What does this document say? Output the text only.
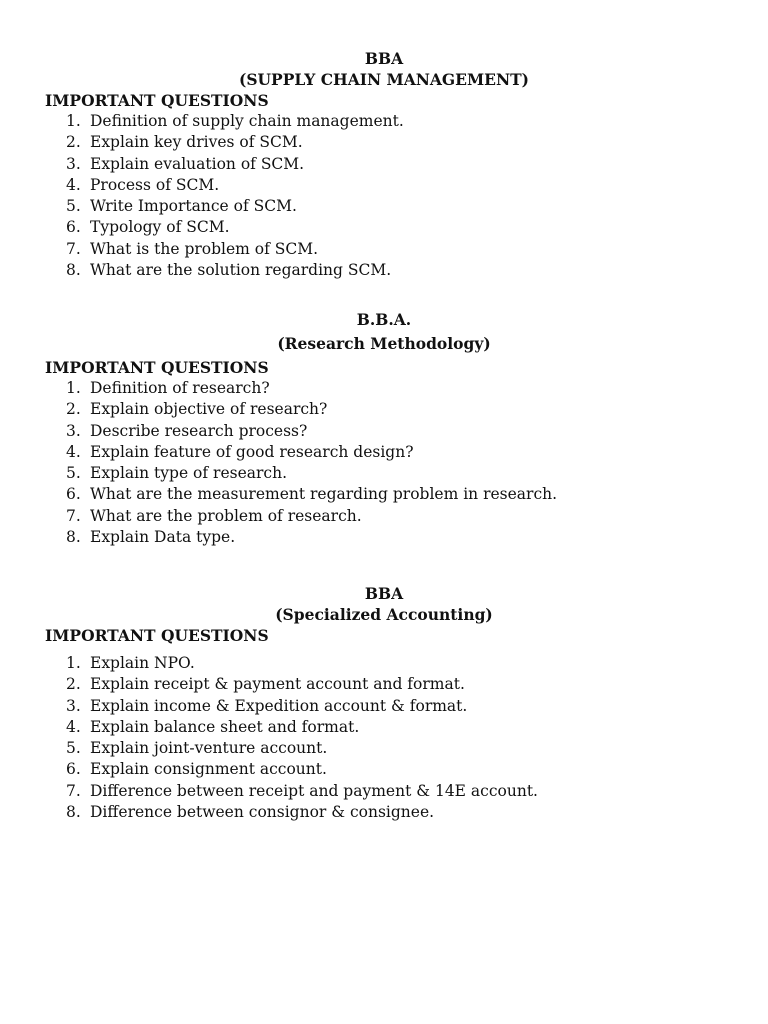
BBA

(SUPPLY CHAIN MANAGEMENT)

IMPORTANT QUESTIONS

1. Definition of supply chain management.
2. Explain key drives of SCM.
3. Explain evaluation of SCM.
4. Process of SCM.
5. Write Importance of SCM.
6. Typology of SCM.
7. What is the problem of SCM.
8. What are the solution regarding SCM.

B.B.A.

(Research Methodology)

IMPORTANT QUESTIONS

1. Definition of research?
2. Explain objective of research?
3. Describe research process?
4. Explain feature of good research design?
5. Explain type of research.
6. What are the measurement regarding problem in research.
7. What are the problem of research.
8. Explain Data type.

BBA

(Specialized Accounting)

IMPORTANT QUESTIONS

1. Explain NPO.
2. Explain receipt & payment account and format.
3. Explain income & Expedition account & format.
4. Explain balance sheet and format.
5. Explain joint-venture account.
6. Explain consignment account.
7. Difference between receipt and payment & 14E account.
8. Difference between consignor & consignee.
